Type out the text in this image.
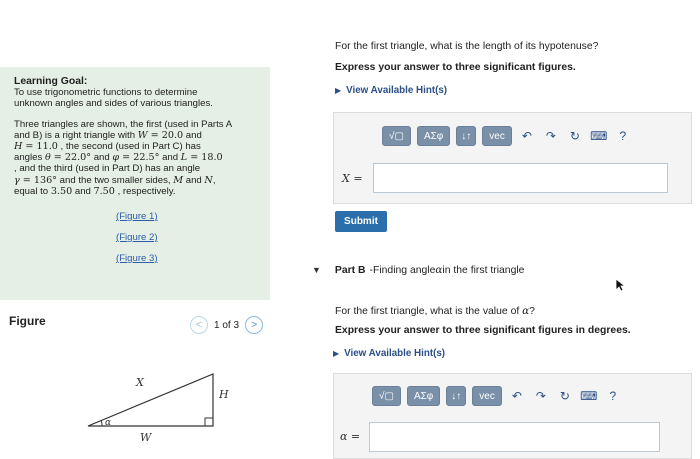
Learning Goal:

To use trigonometric functions to determine

unknown angles and sides of various triangles.

Three triangles are shown, the first (used in Parts A

and B) is a right triangle with W = 20.0 and

H = 11.0 , the second (used in Part C) has

angles θ = 22.0° and φ = 22.5° and L = 18.0

, and the third (used in Part D) has an angle

γ = 136° and the two smaller sides, M and N,

equal to 3.50 and 7.50 , respectively.

(Figure 1)
(Figure 2)
(Figure 3)
Figure	< 1 of 3 >
X
H
W
α
For the first triangle, what is the length of its hypotenuse?
Express your answer to three significant figures.
▶ View Available Hint(s)
√▢ ΑΣφ ↓↑ vec ↶ ↷ ↻ ⌨ ?
X =
Submit
▼ Part B - Finding angle α in the first triangle
For the first triangle, what is the value of α?
Express your answer to three significant figures in degrees.
▶ View Available Hint(s)
√▢ ΑΣφ ↓↑ vec ↶ ↷ ↻ ⌨ ?
α =
